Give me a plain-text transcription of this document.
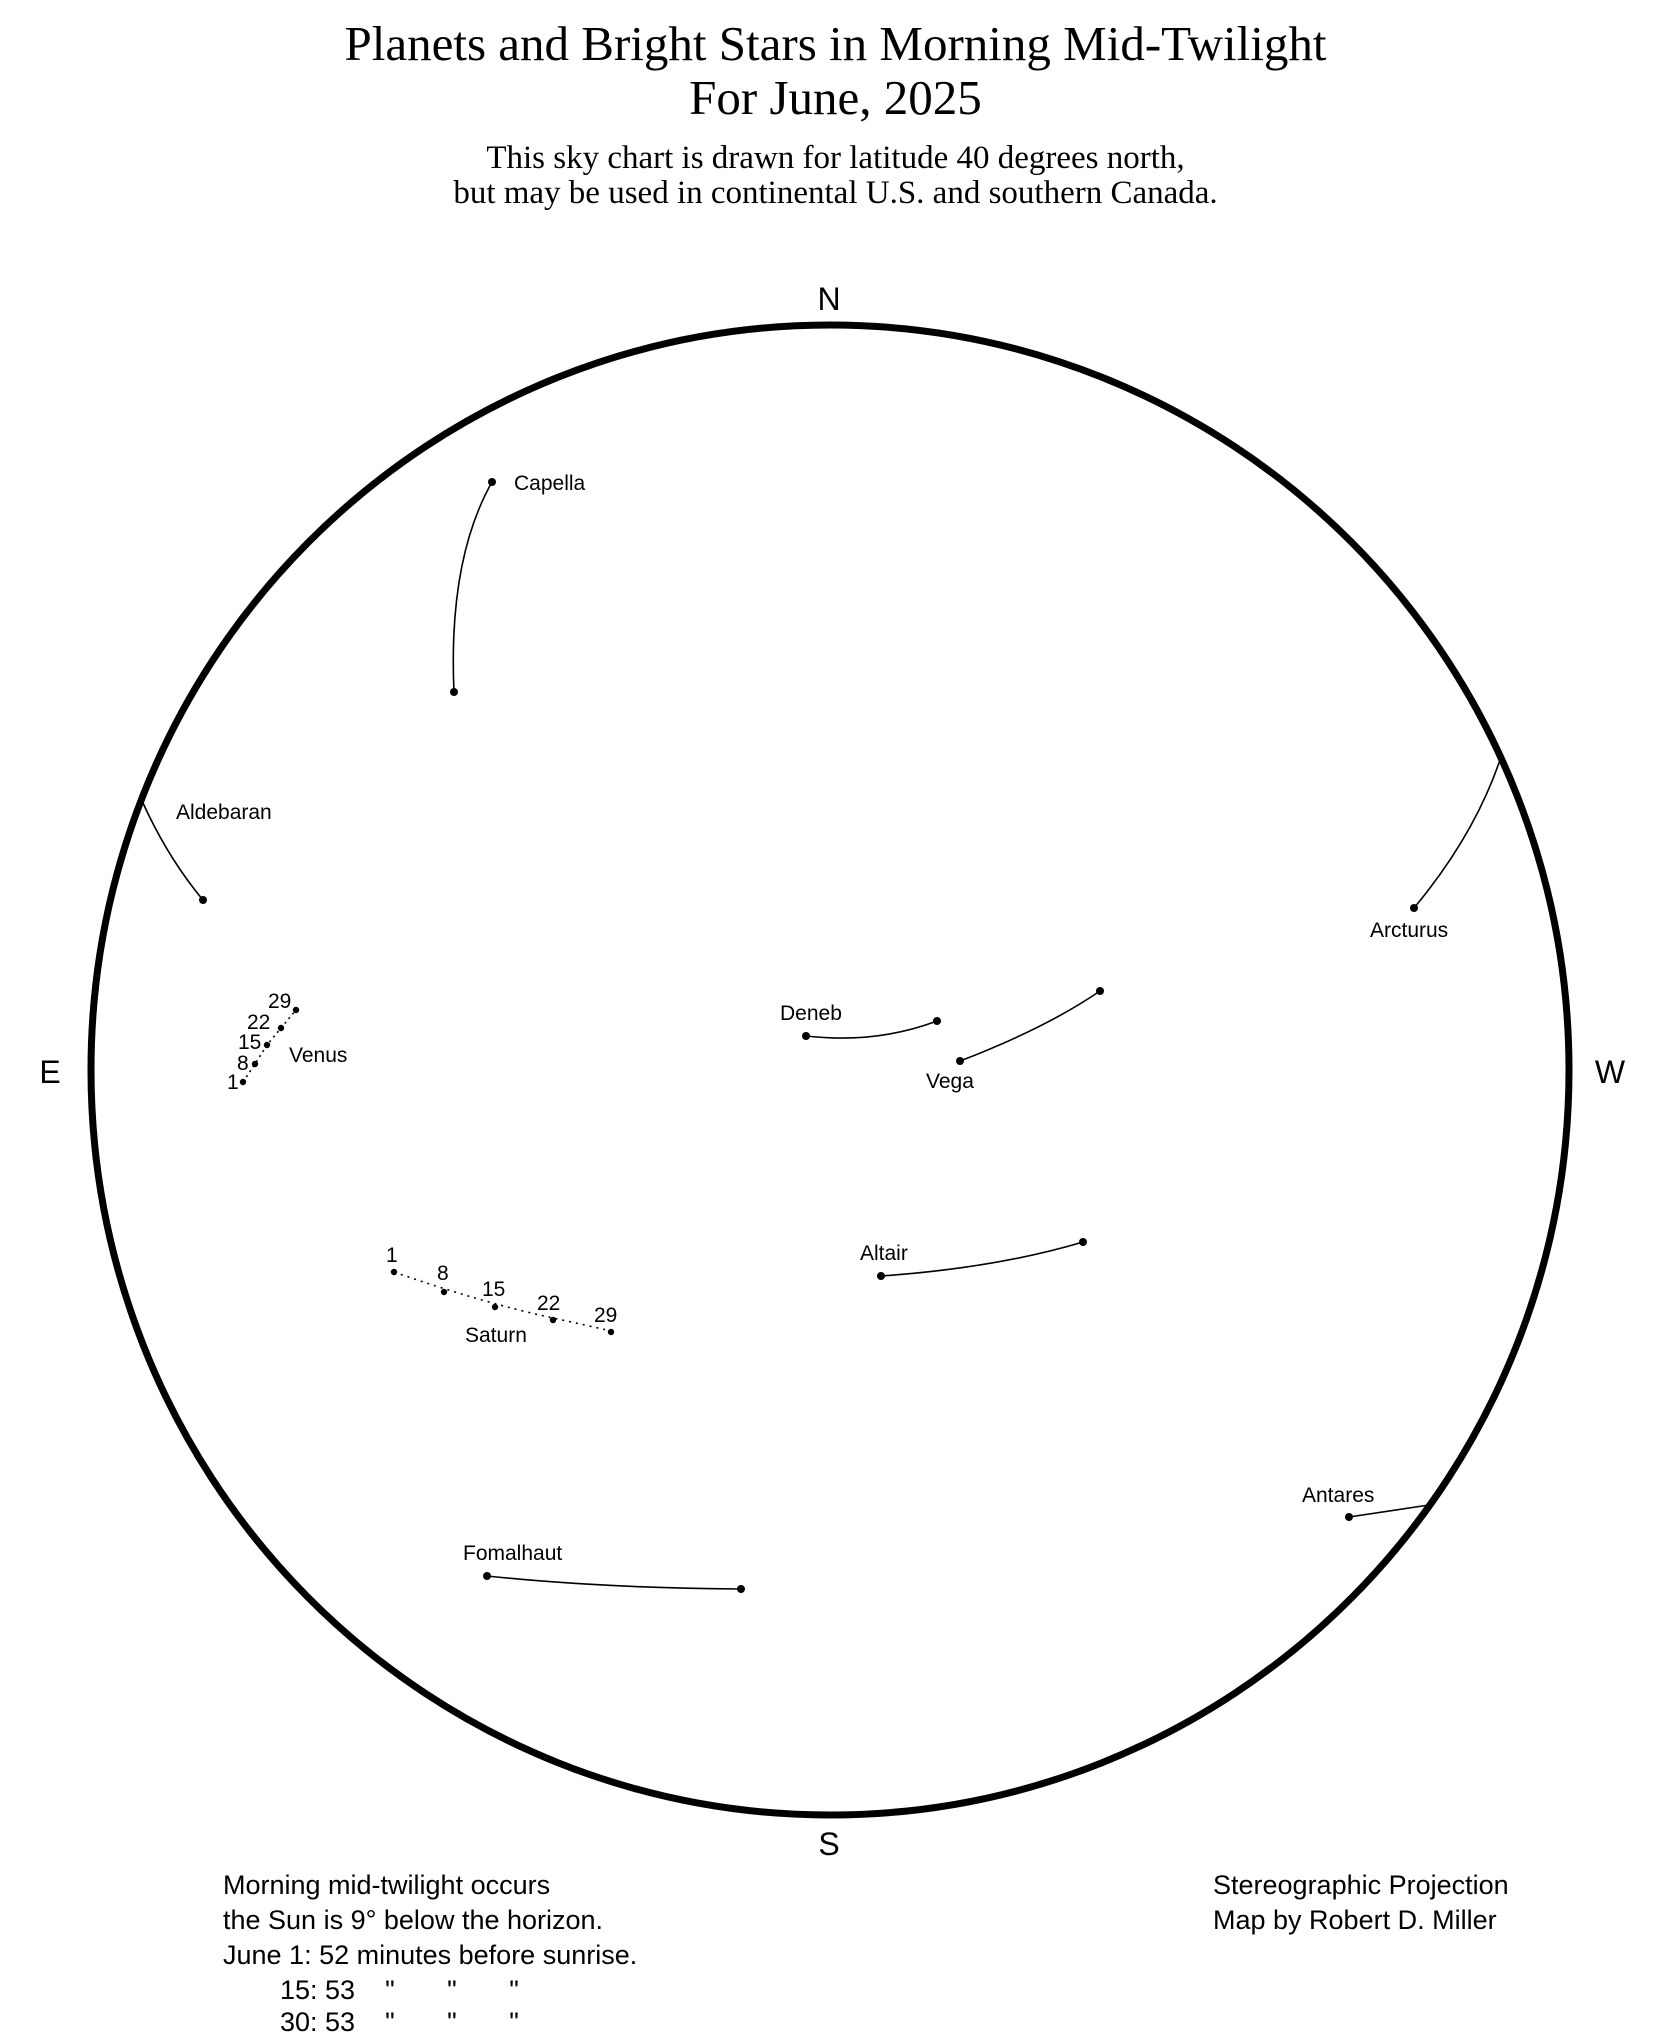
Planets and Bright Stars in Morning Mid-Twilight
For June, 2025
This sky chart is drawn for latitude 40 degrees north,
but may be used in continental U.S. and southern Canada.
N
S
E	W
Capella
Aldebaran
Arcturus
Deneb
Vega
Altair
Antares
Fomalhaut
1
8
15
22
29
Venus
1
8
15
22
29
Saturn
Morning mid-twilight occurs
the Sun is 9° below the horizon.
June 1: 52 minutes before sunrise.
15: 53    "       "       "
30: 53    "       "       "
Stereographic Projection
Map by Robert D. Miller
